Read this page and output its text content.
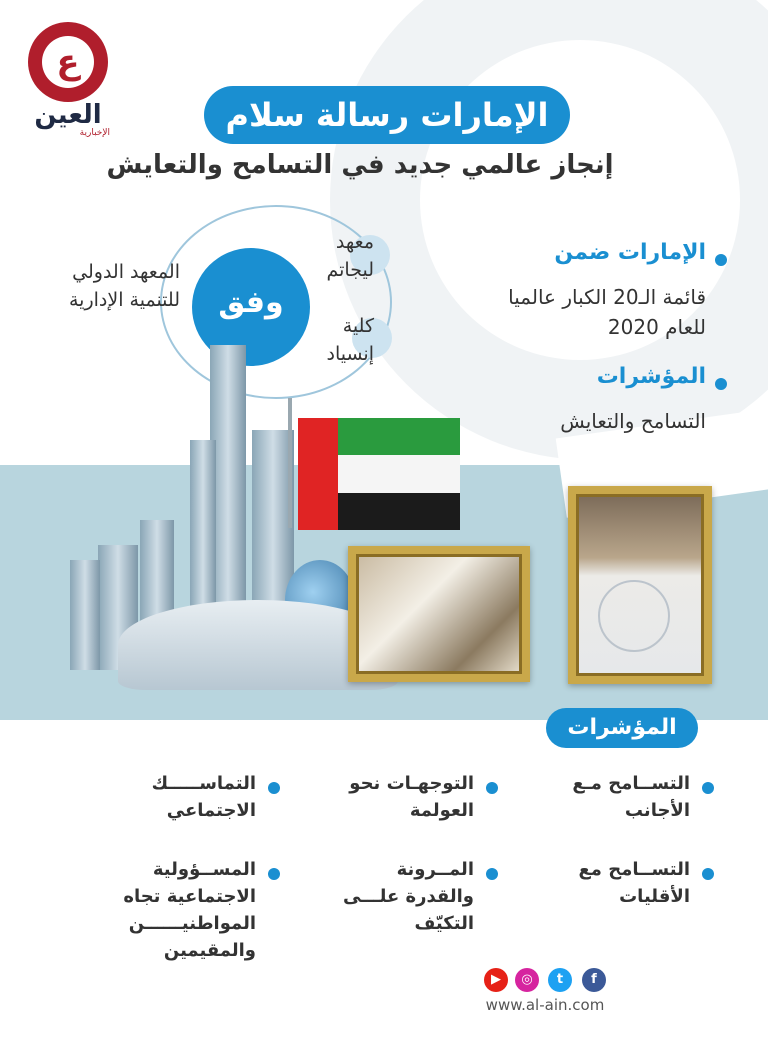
ع
العين
الإخبارية	الإمارات رسالة سلام
إنجاز عالمي جديد في التسامح والتعايش
وفق
المعهد الدولي
للتنمية الإدارية
معهد
ليجاتم
كلية
إنسياد
الإمارات ضمن
قائمة الـ20 الكبار عالميا
للعام 2020
المؤشرات
التسامح والتعايش
المؤشرات
التســامح مـع
الأجانب
التســامح مع
الأقليات
التوجهـات نحو
العولمة
المــرونة
والقدرة علـــى
التكيّف
التماســـــك
الاجتماعي
المســؤولية
الاجتماعية تجاه
المواطنيــــــن
والمقيمين
▶	◎	t	f
www.al-ain.com
